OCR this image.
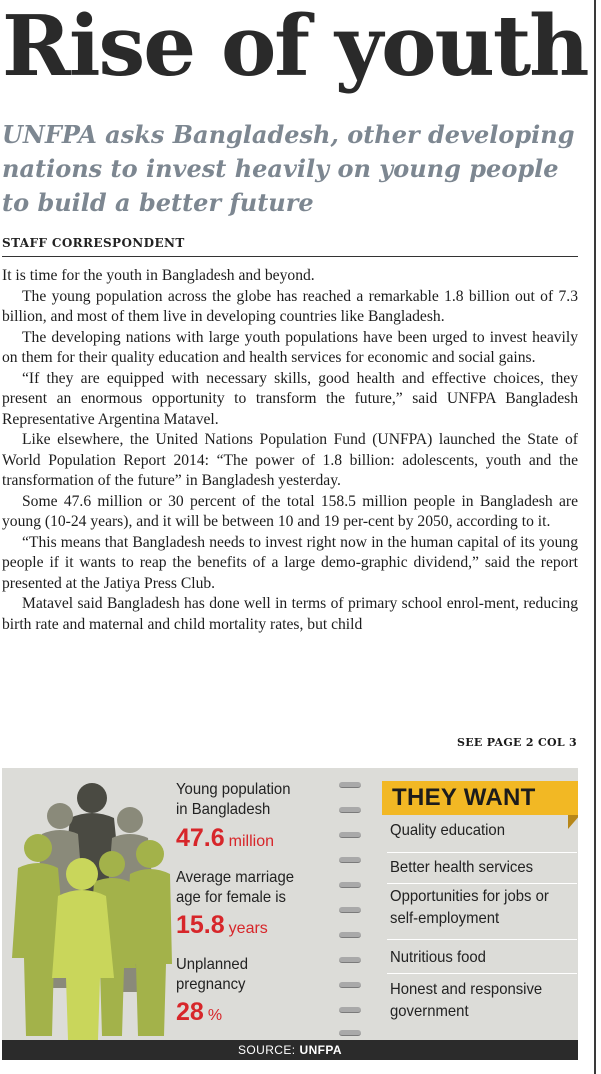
Rise of youth

UNFPA asks Bangladesh, other developing nations to invest heavily on young people to build a better future

STAFF CORRESPONDENT

It is time for the youth in Bangladesh and beyond.

The young population across the globe has reached a remarkable 1.8 billion out of 7.3 billion, and most of them live in developing countries like Bangladesh.

The developing nations with large youth populations have been urged to invest heavily on them for their quality education and health services for economic and social gains.

“If they are equipped with necessary skills, good health and effective choices, they present an enormous opportunity to transform the future,” said UNFPA Bangladesh Representative Argentina Matavel.

Like elsewhere, the United Nations Population Fund (UNFPA) launched the State of World Population Report 2014: “The power of 1.8 billion: adolescents, youth and the transformation of the future” in Bangladesh yesterday.

Some 47.6 million or 30 percent of the total 158.5 million people in Bangladesh are young (10-24 years), and it will be between 10 and 19 per-cent by 2050, according to it.

“This means that Bangladesh needs to invest right now in the human capital of its young people if it wants to reap the benefits of a large demo-graphic dividend,” said the report presented at the Jatiya Press Club.

Matavel said Bangladesh has done well in terms of primary school enrol-ment, reducing birth rate and maternal and child mortality rates, but child

SEE PAGE 2 COL 3
Young population
in Bangladesh
47.6 million
Average marriage
age for female is
15.8 years
Unplanned
pregnancy
28 %
THEY WANT
Quality education
Better health services
Opportunities for jobs or
self-employment
Nutritious food
Honest and responsive
government
SOURCE: UNFPA
